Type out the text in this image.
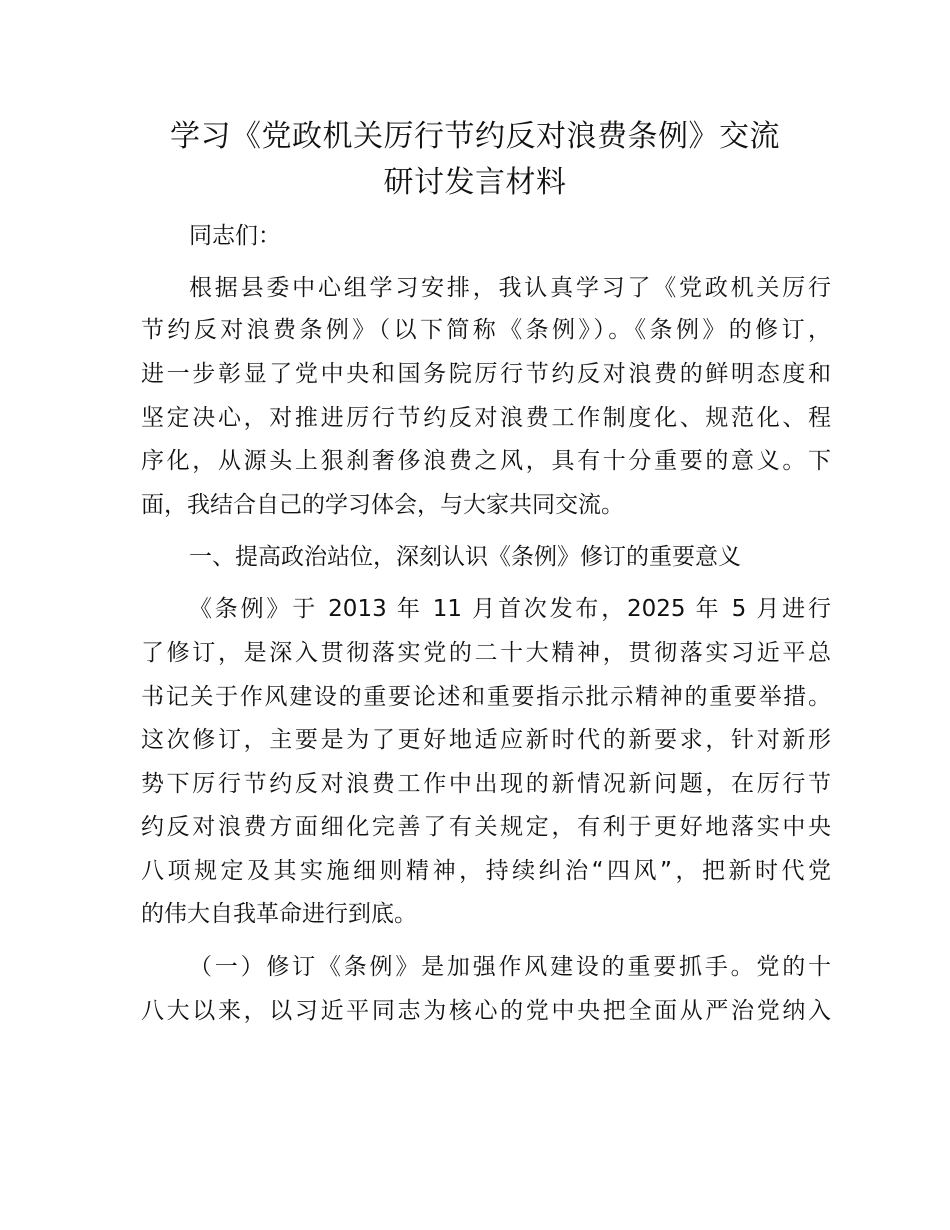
学习《党政机关厉行节约反对浪费条例》交流
研讨发言材料
同志们：
根据县委中心组学习安排，我认真学习了《党政机关厉行
节约反对浪费条例》（以下简称《条例》）。《条例》的修订，
进一步彰显了党中央和国务院厉行节约反对浪费的鲜明态度和
坚定决心，对推进厉行节约反对浪费工作制度化、规范化、程
序化，从源头上狠刹奢侈浪费之风，具有十分重要的意义。下
面，我结合自己的学习体会，与大家共同交流。
一、提高政治站位，深刻认识《条例》修订的重要意义
《条例》于 2013 年 11 月首次发布，2025 年 5 月进行
了修订，是深入贯彻落实党的二十大精神，贯彻落实习近平总
书记关于作风建设的重要论述和重要指示批示精神的重要举措。
这次修订，主要是为了更好地适应新时代的新要求，针对新形
势下厉行节约反对浪费工作中出现的新情况新问题，在厉行节
约反对浪费方面细化完善了有关规定，有利于更好地落实中央
八项规定及其实施细则精神，持续纠治“四风”，把新时代党
的伟大自我革命进行到底。
（一）修订《条例》是加强作风建设的重要抓手。党的十
八大以来，以习近平同志为核心的党中央把全面从严治党纳入
